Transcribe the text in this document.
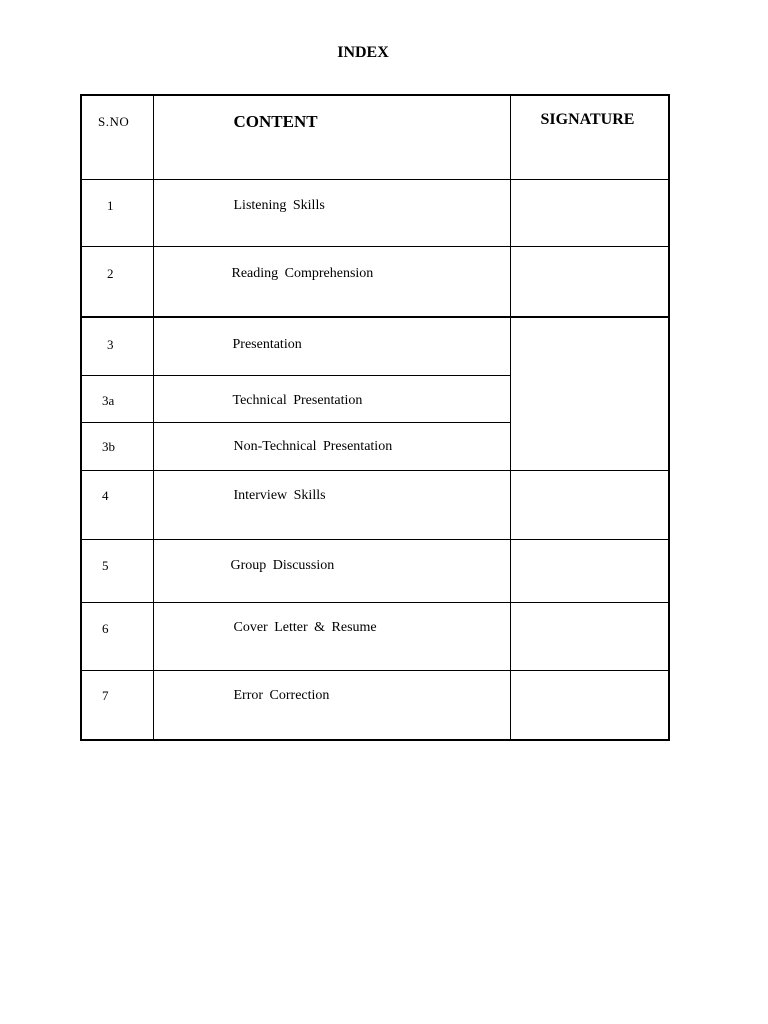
INDEX
S.NO	CONTENT	SIGNATURE

1	Listening Skills	

2	Reading Comprehension	

3	Presentation	

3a	Technical Presentation	

3b	Non-Technical Presentation	

4	Interview Skills	

5	Group Discussion	

6	Cover Letter & Resume	

7	Error Correction	
